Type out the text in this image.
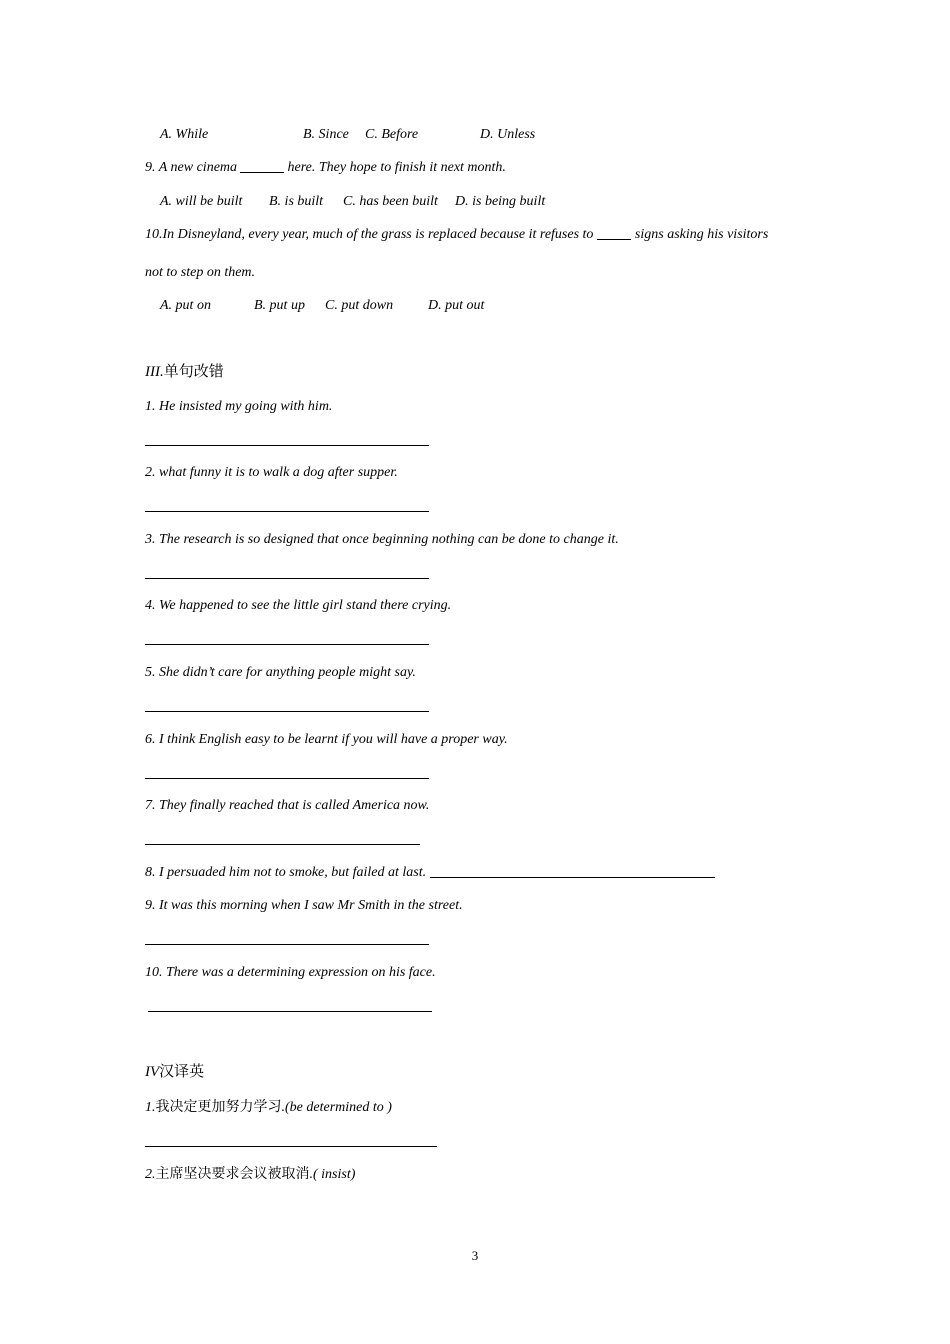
A. While	B. Since C. Before	D. Unless
9. A new cinema	here. They hope to finish it next month.
A. will be built B. is built C. has been built D. is being built
10.In Disneyland, every year, much of the grass is replaced because it refuses to	signs asking his visitors
not to step on them.
A. put on	B. put up C. put down D. put out
III.单句改错
1. He insisted my going with him.
2. what funny it is to walk a dog after supper.
3. The research is so designed that once beginning nothing can be done to change it.
4. We happened to see the little girl stand there crying.
5. She didn’t care for anything people might say.
6. I think English easy to be learnt if you will have a proper way.
7. They finally reached that is called America now.
8. I persuaded him not to smoke, but failed at last.
9. It was this morning when I saw Mr Smith in the street.
10. There was a determining expression on his face.
IV汉译英
1.我决定更加努力学习.(be determined to )
2.主席坚决要求会议被取消.( insist)
3
